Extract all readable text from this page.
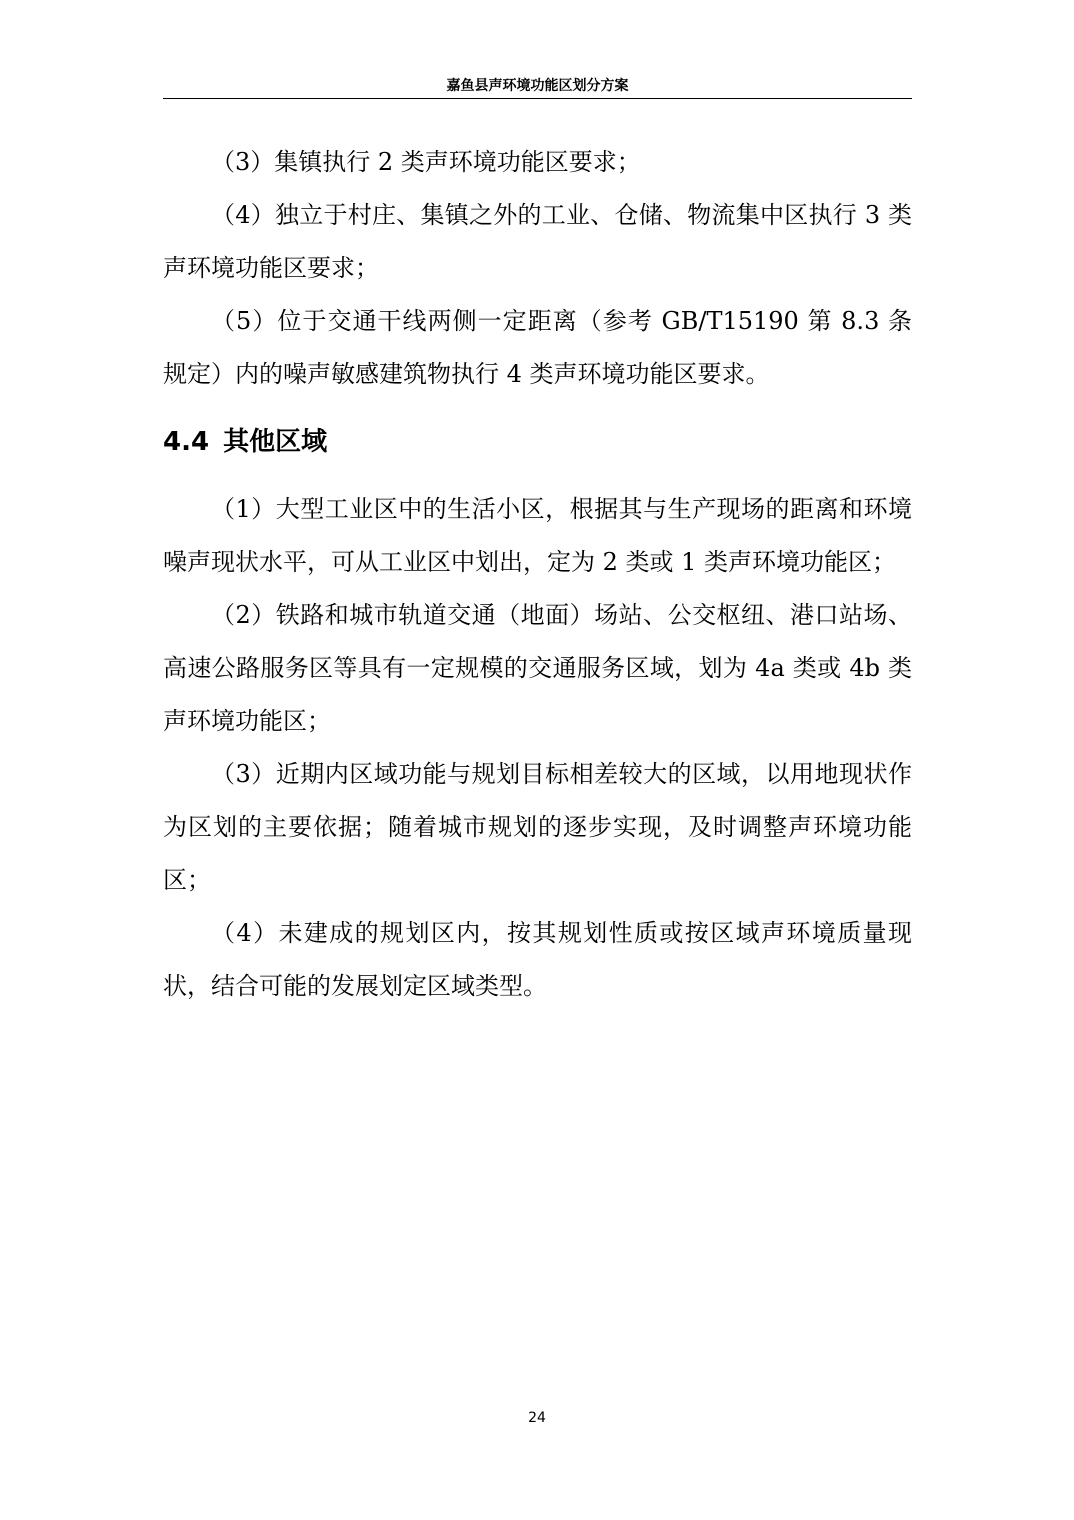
嘉鱼县声环境功能区划分方案

（3）集镇执行 2 类声环境功能区要求；

（4）独立于村庄、集镇之外的工业、仓储、物流集中区执行 3 类声环境功能区要求；

（5）位于交通干线两侧一定距离（参考 GB/T15190 第 8.3 条规定）内的噪声敏感建筑物执行 4 类声环境功能区要求。

4.4 其他区域

（1）大型工业区中的生活小区，根据其与生产现场的距离和环境噪声现状水平，可从工业区中划出，定为 2 类或 1 类声环境功能区；

（2）铁路和城市轨道交通（地面）场站、公交枢纽、港口站场、高速公路服务区等具有一定规模的交通服务区域，划为 4a 类或 4b 类声环境功能区；

（3）近期内区域功能与规划目标相差较大的区域，以用地现状作为区划的主要依据；随着城市规划的逐步实现，及时调整声环境功能区；

（4）未建成的规划区内，按其规划性质或按区域声环境质量现状，结合可能的发展划定区域类型。

24
